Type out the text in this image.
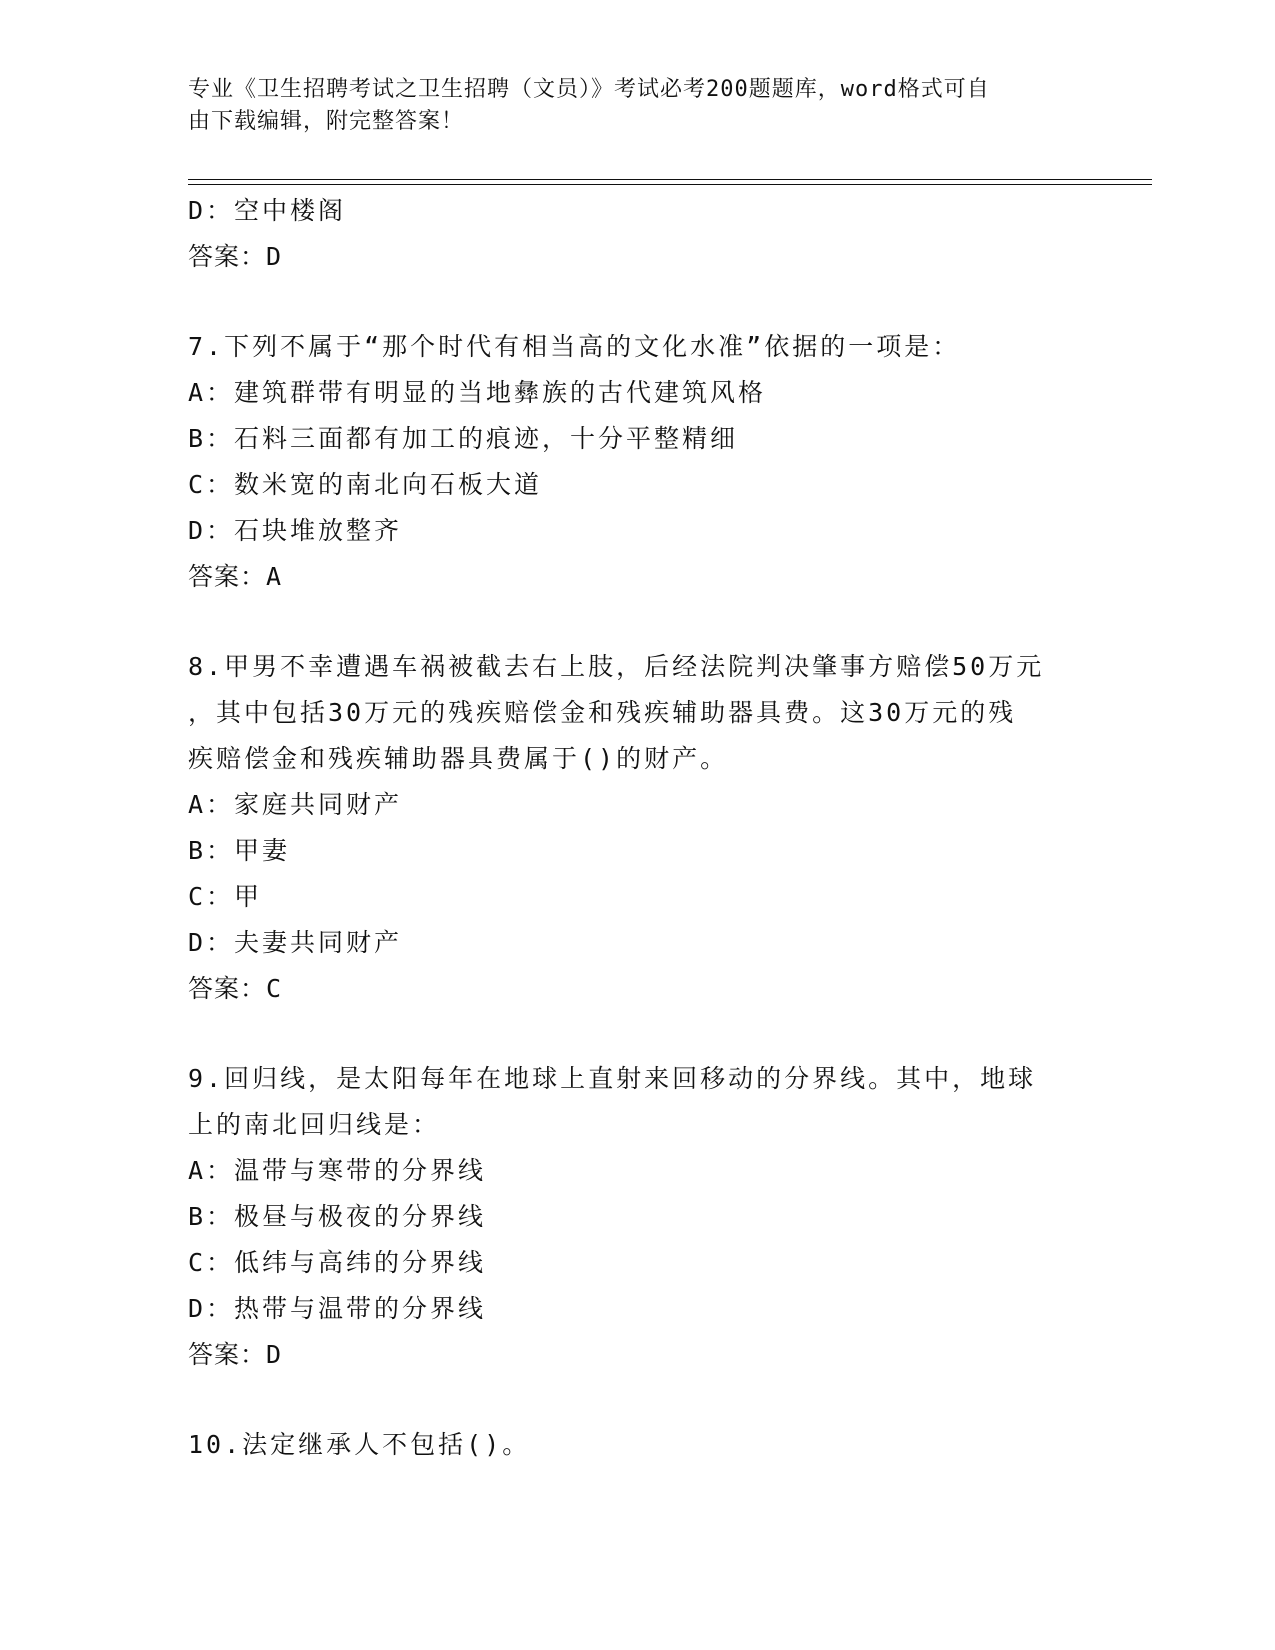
专业《卫生招聘考试之卫生招聘（文员）》考试必考200题题库，word格式可自
由下载编辑，附完整答案！
D：空中楼阁
答案：D
7.下列不属于“那个时代有相当高的文化水准”依据的一项是：
A：建筑群带有明显的当地彝族的古代建筑风格
B：石料三面都有加工的痕迹，十分平整精细
C：数米宽的南北向石板大道
D：石块堆放整齐
答案：A
8.甲男不幸遭遇车祸被截去右上肢，后经法院判决肇事方赔偿50万元
，其中包括30万元的残疾赔偿金和残疾辅助器具费。这30万元的残
疾赔偿金和残疾辅助器具费属于()的财产。
A：家庭共同财产
B：甲妻
C：甲
D：夫妻共同财产
答案：C
9.回归线，是太阳每年在地球上直射来回移动的分界线。其中，地球
上的南北回归线是：
A：温带与寒带的分界线
B：极昼与极夜的分界线
C：低纬与高纬的分界线
D：热带与温带的分界线
答案：D
10.法定继承人不包括()。
